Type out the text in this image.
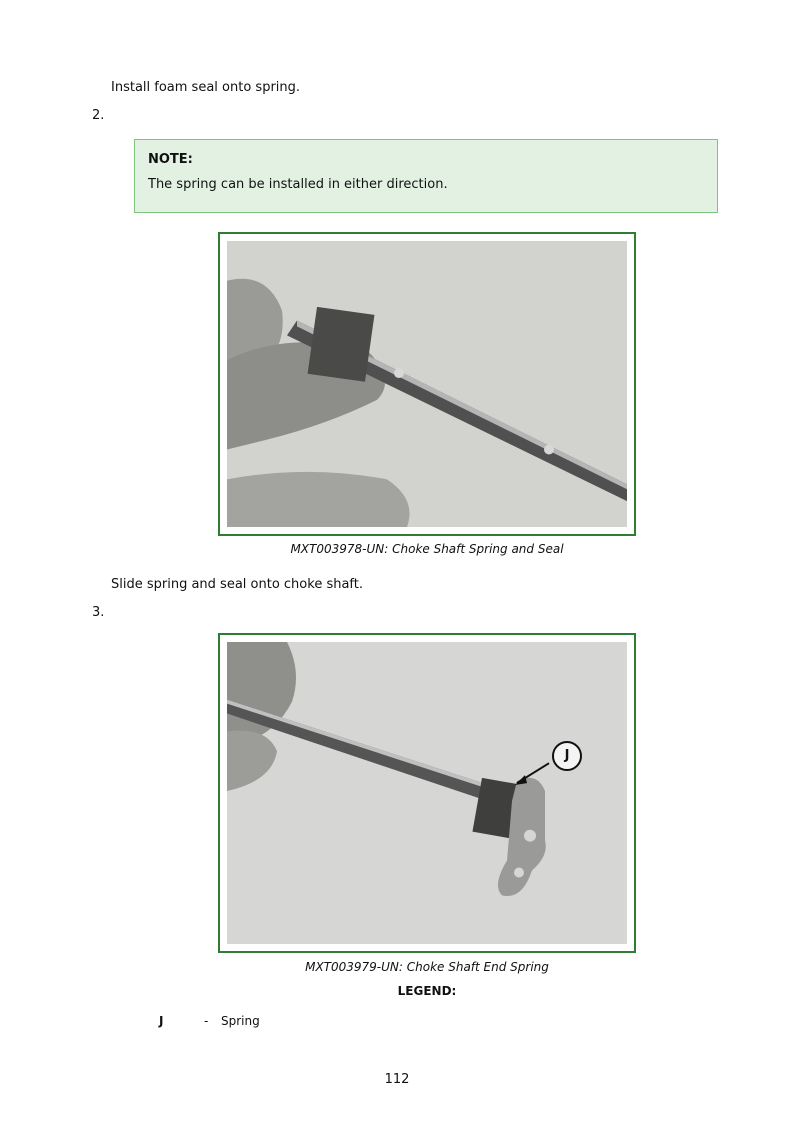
Install foam seal onto spring.
2.
NOTE:
The spring can be installed in either direction.
MXT003978-UN: Choke Shaft Spring and Seal
Slide spring and seal onto choke shaft.
3.
J
MXT003979-UN: Choke Shaft End Spring
LEGEND:
J	- Spring
112
